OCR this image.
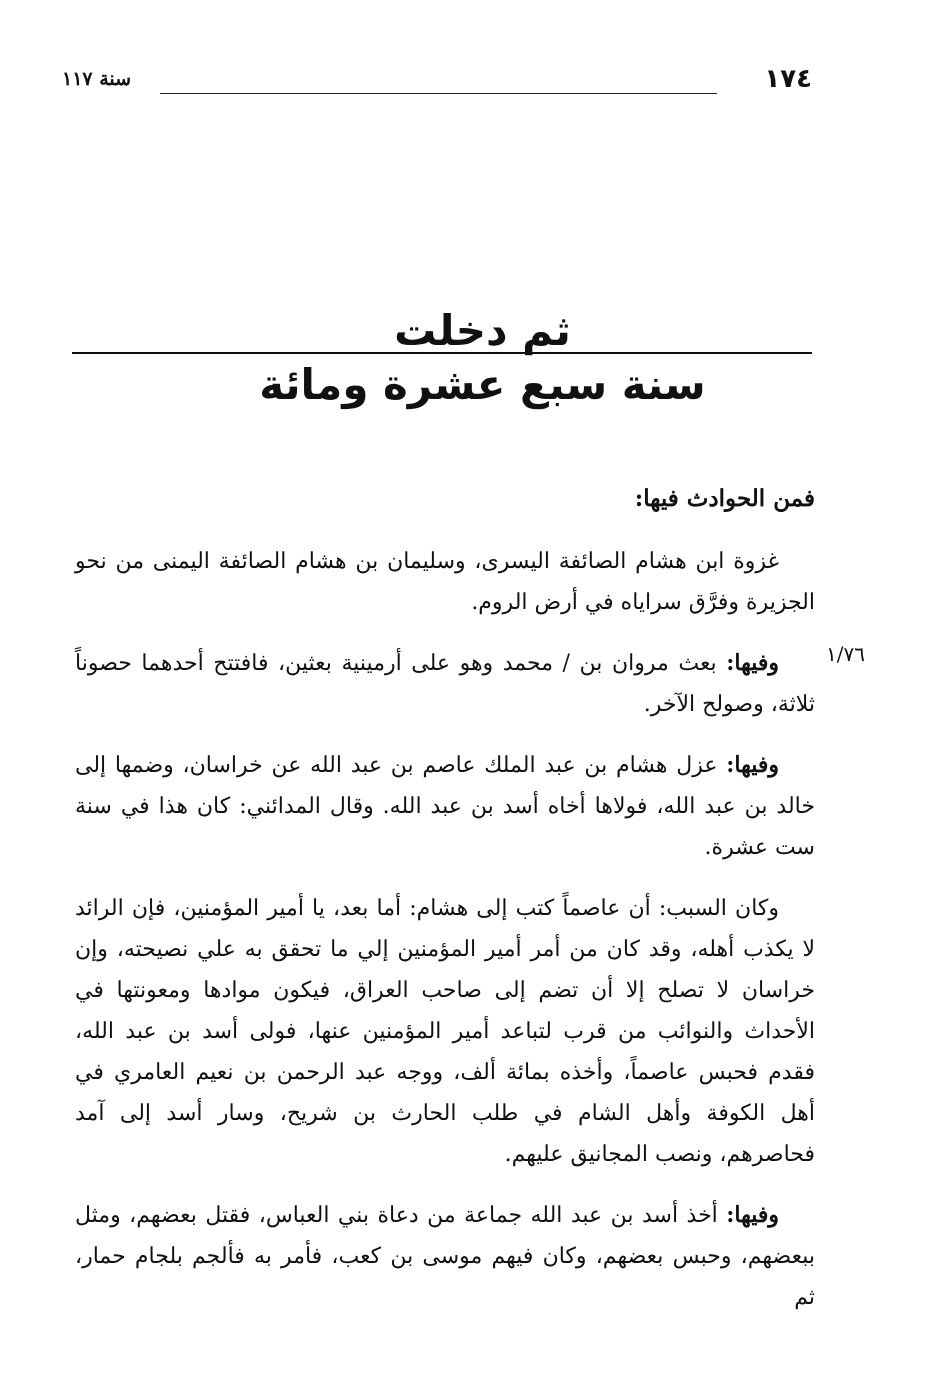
١٧٤
سنة ١١٧
ثم دخلت
سنة سبع عشرة ومائة
١/٧٦

فمن الحوادث فيها:

غزوة ابن هشام الصائفة اليسرى، وسليمان بن هشام الصائفة اليمنى من نحو الجزيرة وفرَّق سراياه في أرض الروم.

وفيها: بعث مروان بن / محمد وهو على أرمينية بعثين، فافتتح أحدهما حصوناً ثلاثة، وصولح الآخر.

وفيها: عزل هشام بن عبد الملك عاصم بن عبد الله عن خراسان، وضمها إلى خالد بن عبد الله، فولاها أخاه أسد بن عبد الله. وقال المدائني: كان هذا في سنة ست عشرة.

وكان السبب: أن عاصماً كتب إلى هشام: أما بعد، يا أمير المؤمنين، فإن الرائد لا يكذب أهله، وقد كان من أمر أمير المؤمنين إلي ما تحقق به علي نصيحته، وإن خراسان لا تصلح إلا أن تضم إلى صاحب العراق، فيكون موادها ومعونتها في الأحداث والنوائب من قرب لتباعد أمير المؤمنين عنها، فولى أسد بن عبد الله، فقدم فحبس عاصماً، وأخذه بمائة ألف، ووجه عبد الرحمن بن نعيم العامري في أهل الكوفة وأهل الشام في طلب الحارث بن شريح، وسار أسد إلى آمد فحاصرهم، ونصب المجانيق عليهم.

وفيها: أخذ أسد بن عبد الله جماعة من دعاة بني العباس، فقتل بعضهم، ومثل ببعضهم، وحبس بعضهم، وكان فيهم موسى بن كعب، فأمر به فألجم بلجام حمار، ثم
